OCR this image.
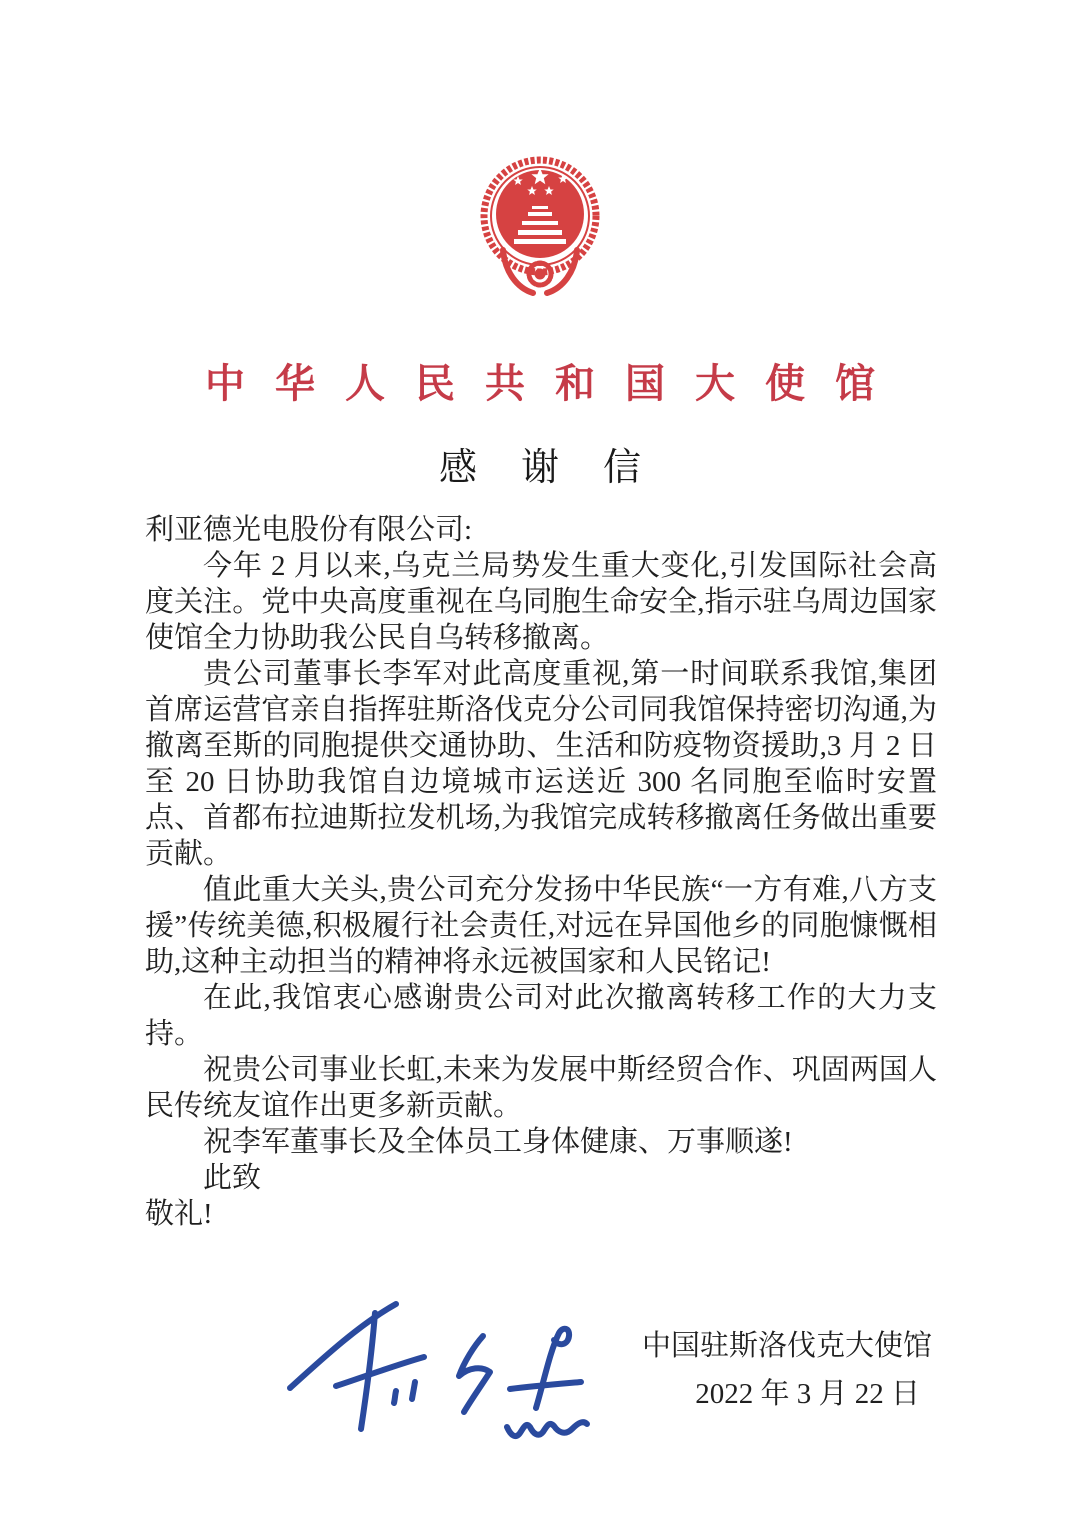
中华人民共和国大使馆
感谢信

利亚德光电股份有限公司:

今年 2 月以来,乌克兰局势发生重大变化,引发国际社会高度关注。党中央高度重视在乌同胞生命安全,指示驻乌周边国家使馆全力协助我公民自乌转移撤离。

贵公司董事长李军对此高度重视,第一时间联系我馆,集团首席运营官亲自指挥驻斯洛伐克分公司同我馆保持密切沟通,为撤离至斯的同胞提供交通协助、生活和防疫物资援助,3 月 2 日至 20 日协助我馆自边境城市运送近 300 名同胞至临时安置点、首都布拉迪斯拉发机场,为我馆完成转移撤离任务做出重要贡献。

值此重大关头,贵公司充分发扬中华民族“一方有难,八方支援”传统美德,积极履行社会责任,对远在异国他乡的同胞慷慨相助,这种主动担当的精神将永远被国家和人民铭记!

在此,我馆衷心感谢贵公司对此次撤离转移工作的大力支持。

祝贵公司事业长虹,未来为发展中斯经贸合作、巩固两国人民传统友谊作出更多新贡献。

祝李军董事长及全体员工身体健康、万事顺遂!

此致

敬礼!

中国驻斯洛伐克大使馆
2022 年 3 月 22 日
